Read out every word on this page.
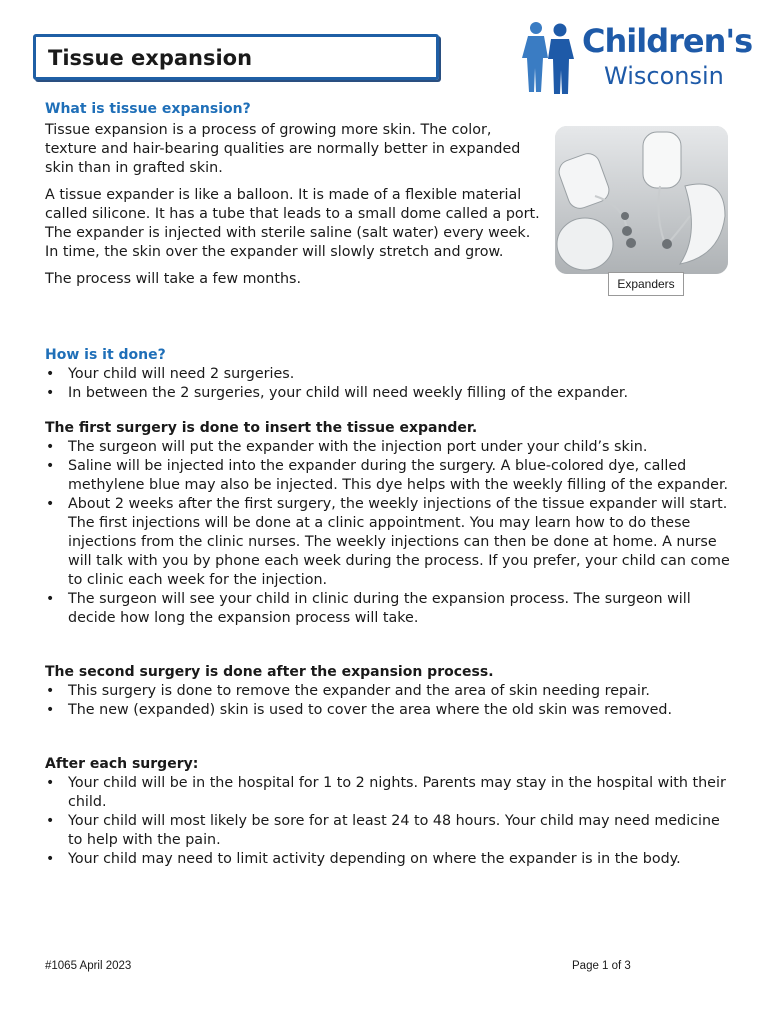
Tissue expansion	Children's
Wisconsin
What is tissue expansion?

Tissue expansion is a process of growing more skin. The color, texture and hair-bearing qualities are normally better in expanded skin than in grafted skin.

A tissue expander is like a balloon. It is made of a flexible material called silicone. It has a tube that leads to a small dome called a port. The expander is injected with sterile saline (salt water) every week. In time, the skin over the expander will slowly stretch and grow.

The process will take a few months.	Expanders
How is it done?
• Your child will need 2 surgeries.
• In between the 2 surgeries, your child will need weekly filling of the expander.
The first surgery is done to insert the tissue expander.
• The surgeon will put the expander with the injection port under your child’s skin.
• Saline will be injected into the expander during the surgery. A blue-colored dye, called methylene blue may also be injected. This dye helps with the weekly filling of the expander.
• About 2 weeks after the first surgery, the weekly injections of the tissue expander will start. The first injections will be done at a clinic appointment. You may learn how to do these injections from the clinic nurses. The weekly injections can then be done at home. A nurse will talk with you by phone each week during the process. If you prefer, your child can come to clinic each week for the injection.
• The surgeon will see your child in clinic during the expansion process. The surgeon will decide how long the expansion process will take.
The second surgery is done after the expansion process.
• This surgery is done to remove the expander and the area of skin needing repair.
• The new (expanded) skin is used to cover the area where the old skin was removed.
After each surgery:
• Your child will be in the hospital for 1 to 2 nights. Parents may stay in the hospital with their child.
• Your child will most likely be sore for at least 24 to 48 hours. Your child may need medicine to help with the pain.
• Your child may need to limit activity depending on where the expander is in the body.
#1065 April 2023	Page 1 of 3
